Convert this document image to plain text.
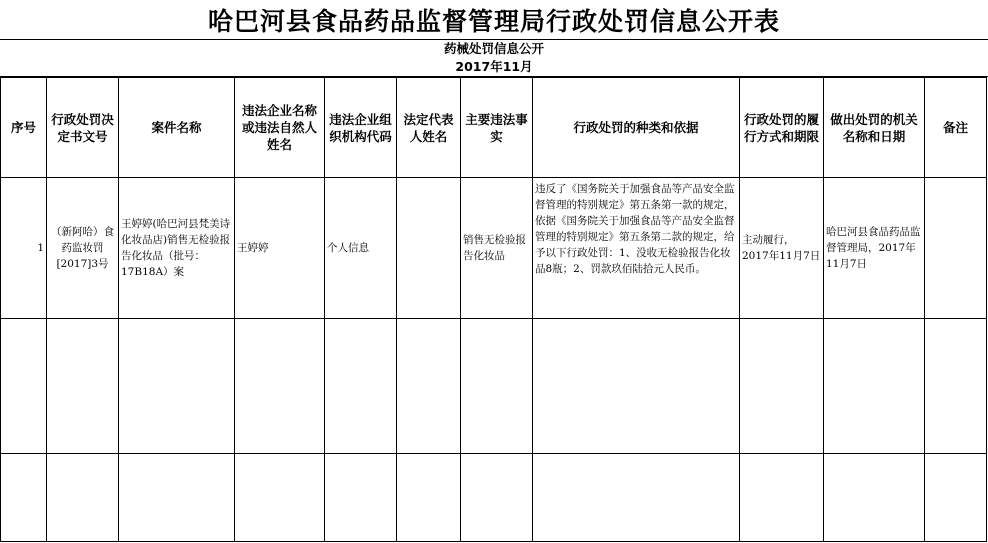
哈巴河县食品药品监督管理局行政处罚信息公开表
药械处罚信息公开
2017年11月
序号	行政处罚决定书文号	案件名称	违法企业名称或违法自然人姓名	违法企业组织机构代码	法定代表人姓名	主要违法事实	行政处罚的种类和依据	行政处罚的履行方式和期限	做出处罚的机关名称和日期	备注
1	（新阿哈）食药监妆罚[2017]3号	王婷婷(哈巴河县梵美诗化妆品店)销售无检验报告化妆品（批号：17B18A）案	王婷婷	个人信息		销售无检验报告化妆品	违反了《国务院关于加强食品等产品安全监督管理的特别规定》第五条第一款的规定，依据《国务院关于加强食品等产品安全监督管理的特别规定》第五条第二款的规定，给予以下行政处罚：1、没收无检验报告化妆品8瓶；2、罚款玖佰陆拾元人民币。	主动履行，2017年11月7日	哈巴河县食品药品监督管理局，2017年11月7日	
